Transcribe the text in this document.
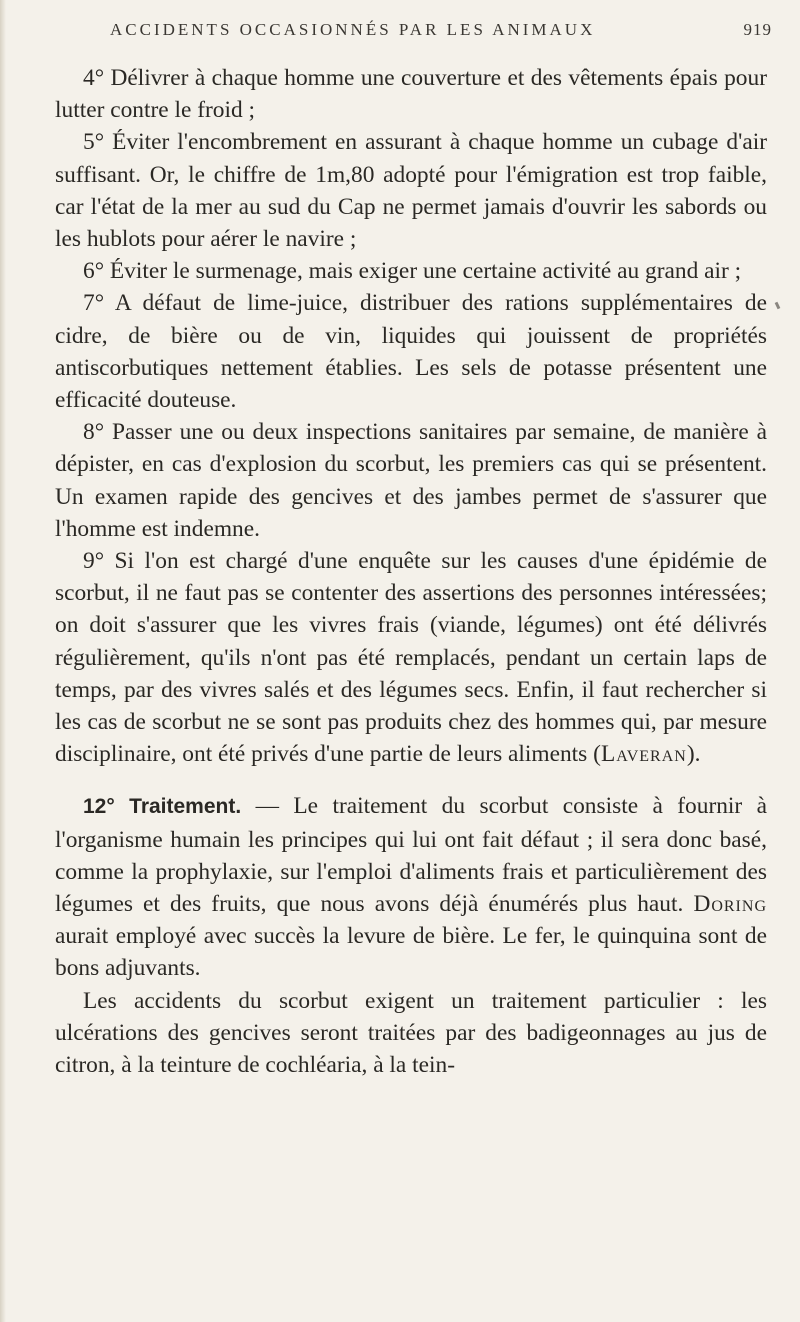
ACCIDENTS OCCASIONNÉS PAR LES ANIMAUX	919

4° Délivrer à chaque homme une couverture et des vêtements épais pour lutter contre le froid ;

5° Éviter l'encombrement en assurant à chaque homme un cubage d'air suffisant. Or, le chiffre de 1m,80 adopté pour l'émigration est trop faible, car l'état de la mer au sud du Cap ne permet jamais d'ouvrir les sabords ou les hublots pour aérer le navire ;

6° Éviter le surmenage, mais exiger une certaine activité au grand air ;

7° A défaut de lime-juice, distribuer des rations supplémentaires de cidre, de bière ou de vin, liquides qui jouissent de propriétés antiscorbutiques nettement établies. Les sels de potasse présentent une efficacité douteuse.

8° Passer une ou deux inspections sanitaires par semaine, de manière à dépister, en cas d'explosion du scorbut, les premiers cas qui se présentent. Un examen rapide des gencives et des jambes permet de s'assurer que l'homme est indemne.

9° Si l'on est chargé d'une enquête sur les causes d'une épidémie de scorbut, il ne faut pas se contenter des assertions des personnes intéressées; on doit s'assurer que les vivres frais (viande, légumes) ont été délivrés régulièrement, qu'ils n'ont pas été remplacés, pendant un certain laps de temps, par des vivres salés et des légumes secs. Enfin, il faut rechercher si les cas de scorbut ne se sont pas produits chez des hommes qui, par mesure disciplinaire, ont été privés d'une partie de leurs aliments (Laveran).

12° Traitement. — Le traitement du scorbut consiste à fournir à l'organisme humain les principes qui lui ont fait défaut ; il sera donc basé, comme la prophylaxie, sur l'emploi d'aliments frais et particulièrement des légumes et des fruits, que nous avons déjà énumérés plus haut. Doring aurait employé avec succès la levure de bière. Le fer, le quinquina sont de bons adjuvants.

Les accidents du scorbut exigent un traitement particulier : les ulcérations des gencives seront traitées par des badigeonnages au jus de citron, à la teinture de cochléaria, à la tein-
